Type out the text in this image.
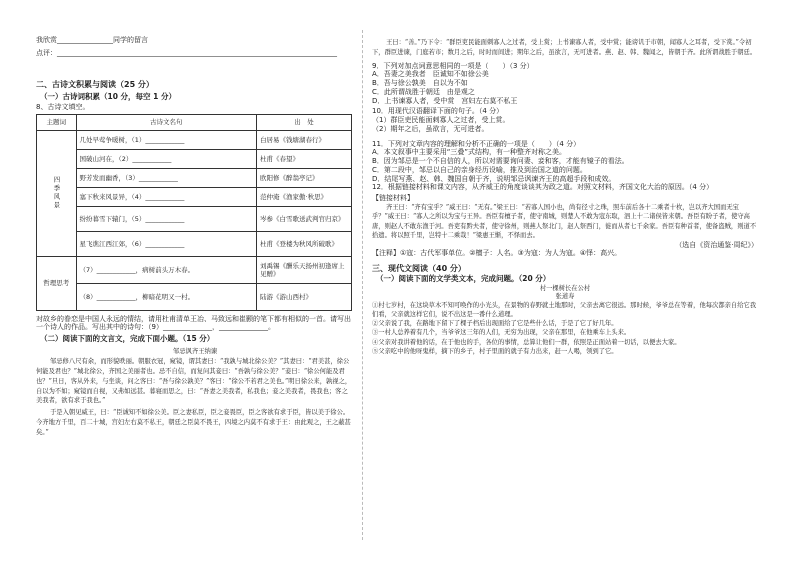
我欣赏________________同学的留言

点评：________________________________________________________________________________

二、古诗文积累与阅读（25 分）

（一）古诗词积累（10 分，每空 1 分）

8、古诗文填空。

主题词	古诗文名句	出　处
四季风景	几处早莺争暖树，（1）____________	白居易《钱塘湖春行》
	国破山河在，（2）____________	杜甫《春望》
	野芳发而幽香，（3）____________	欧阳修《醉翁亭记》
	塞下秋来风景异，（4）____________	范仲淹《渔家傲·秋思》
	纷纷暮雪下辕门，（5）____________	岑参《白雪歌送武判官归京》
	星飞谯江西江郊，（6）____________	杜甫《登楼为秋风所破歌》
哲理思考	（7）____________，病树前头万木春。	刘禹锡《酬乐天扬州初逢席上见赠》
	（8）____________，柳暗花明又一村。	陆游《游山西村》

对故乡的眷恋是中国人永远的情结，请用杜甫清单王冶、马致远和崔颢的笔下都有相似的一首。请写出一个诗人的作品。写出其中的诗句：（9）______________，______________。

（二）阅读下面的文言文，完成下面小题。（15 分）

邹忌讽齐王纳谏

邹忌修八尺有余，而形貌昳丽。朝服衣冠，窥镜，谓其妻曰：“我孰与城北徐公美？”其妻曰：“君美甚，徐公何能及君也？”城北徐公，齐国之美丽者也。忌不自信，而复问其妾曰：“吾孰与徐公美？”妾曰：“徐公何能及君也？”旦日，客从外来，与坐谈，问之客曰：“吾与徐公孰美？”客曰：“徐公不若君之美也。”明日徐公来，孰视之，自以为不如；窥镜而自视，又弗如远甚。暮寝而思之，曰：“吾妻之美我者，私我也；妾之美我者，畏我也；客之美我者，欲有求于我也。”

于是入朝见威王，曰：“臣诚知不如徐公美。臣之妻私臣，臣之妾畏臣，臣之客欲有求于臣，皆以美于徐公。今齐地方千里，百二十城，宫妇左右莫不私王，朝廷之臣莫不畏王，四境之内莫不有求于王：由此观之，王之蔽甚矣。”

王曰：“善。”乃下令：“群臣吏民能面刺寡人之过者，受上赏；上书谏寡人者，受中赏；能谤讥于市朝，闻寡人之耳者，受下赏。”令初下，群臣进谏，门庭若市；数月之后，时时而间进；期年之后，虽欲言，无可进者。燕、赵、韩、魏闻之，皆朝于齐。此所谓战胜于朝廷。

9．下列对加点词意思相同的一项是（　　）（3 分）

A．吾妻之美我者　臣诚知不如徐公美

B．吾与徐公孰美　自以为不如

C．此所谓战胜于朝廷　由是观之

D．上书谏寡人者，受中赏　宫妇左右莫不私王

10．用现代汉语翻译下面的句子。（4 分）

（1）群臣吏民能面刺寡人之过者，受上赏。

（2）期年之后，虽欲言，无可进者。

11．下列对文章内容的理解和分析不正确的一项是（　　）（4 分）

A．本文叙事中主要采用“三叠”式结构，有一种整齐对称之美。

B．因为邹忌是一个不自信的人，所以对需要询问妻、妾和客，才能有镜子的看法。

C．第二段中，邹忌以自己的亲身经历设喻，推及到治国之道的问题。

D．结尾写燕、赵、韩、魏国自朝于齐，说明邹忌讽谏齐王的高超手段和成效。

12．根据链接材料和课文内容，从齐威王的角度谈谈其为政之道。对照文材料，齐国文化大治的原因。（4 分）

【链接材料】

齐王曰：“齐有宝乎？”威王曰：“无有。”梁王曰：“若寡人国小也，尚有径寸之珠，照车前后各十二乘者十枚，岂以齐大国而无宝乎？”威王曰：“寡人之所以为宝与王异。吾臣有檀子者，使守南城，则楚人不敢为寇东取，泗上十二诸侯皆来朝。吾臣有盼子者，使守高唐，则赵人不敢东渔于河。吾吏有黔夫者，使守徐州，则燕人祭北门，赵人祭西门，徙而从者七千余家。吾臣有种首者，使备盗贼，则道不拾遗。将以照千里，岂特十二乘哉！”梁惠王惭，不怿而去。

（选自《资治通鉴·周纪》）

【注释】①寇：古代军事单位。②檀子：人名。③为寇：为人为寇。④怿：高兴。

三、现代文阅读（40 分）

（一）阅读下面的文学类文本，完成问题。（20 分）

村一棵树长在公村

张道寿

①村七岁村，在这块草木不知可唤作的小光头，在景物的春野就土地那时，父亲去离它很远。那时候，爷爷总在等着，他每次都亲自给它我们看，父亲就这样它们，说不出这是一番什么道理。

②父亲说了我，在路地下留下了棵子档后出现面给了它是些什么话，于是了它了好几年。

③一村人总养着有几个，当爷爷这三年的人们，无穷为出现，父亲在那里，在他乘车上头来。

④父亲对我讲着他的话，在于他也的手，各位的事情，总算让他们一群，依照是正面站着一切话，以便去大家。

⑤父亲吃中的他呀鬼样，摘下的乡子，村子里面的就子有力出来，赶一人喝，领到了它。
